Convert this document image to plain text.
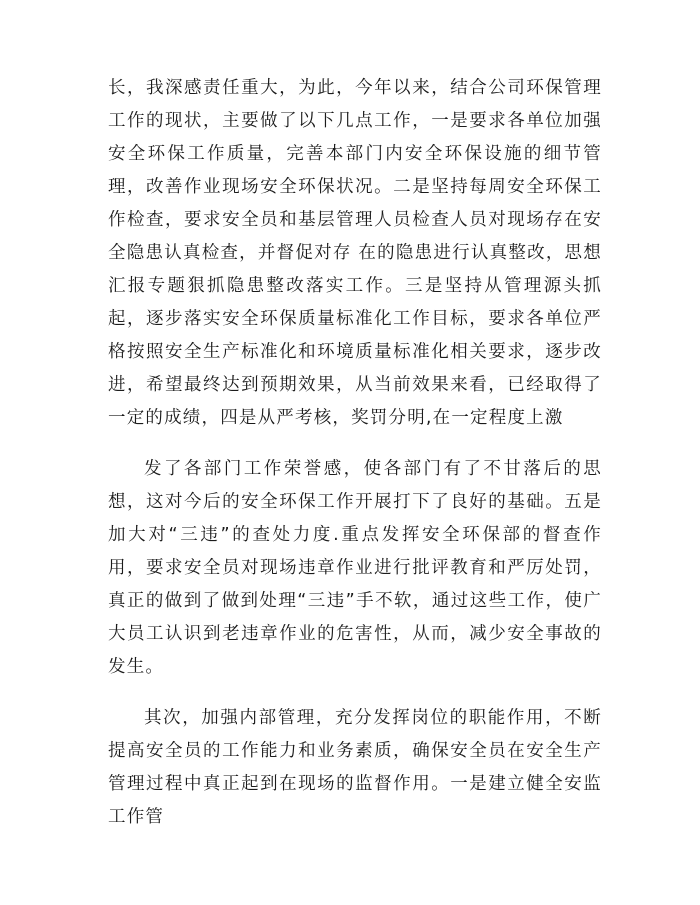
长，我深感责任重大，为此，今年以来，结合公司环保管理工作的现状，主要做了以下几点工作，一是要求各单位加强安全环保工作质量，完善本部门内安全环保设施的细节管理，改善作业现场安全环保状况。二是坚持每周安全环保工作检查，要求安全员和基层管理人员检查人员对现场存在安全隐患认真检查，并督促对存 在的隐患进行认真整改，思想汇报专题狠抓隐患整改落实工作。三是坚持从管理源头抓起，逐步落实安全环保质量标准化工作目标，要求各单位严格按照安全生产标准化和环境质量标准化相关要求，逐步改进，希望最终达到预期效果，从当前效果来看，已经取得了一定的成绩，四是从严考核，奖罚分明,在一定程度上激

发了各部门工作荣誉感，使各部门有了不甘落后的思想，这对今后的安全环保工作开展打下了良好的基础。五是加大对“三违”的查处力度.重点发挥安全环保部的督查作用，要求安全员对现场违章作业进行批评教育和严厉处罚，真正的做到了做到处理“三违”手不软，通过这些工作，使广大员工认识到老违章作业的危害性，从而，减少安全事故的发生。

其次，加强内部管理，充分发挥岗位的职能作用，不断提高安全员的工作能力和业务素质，确保安全员在安全生产管理过程中真正起到在现场的监督作用。一是建立健全安监工作管
